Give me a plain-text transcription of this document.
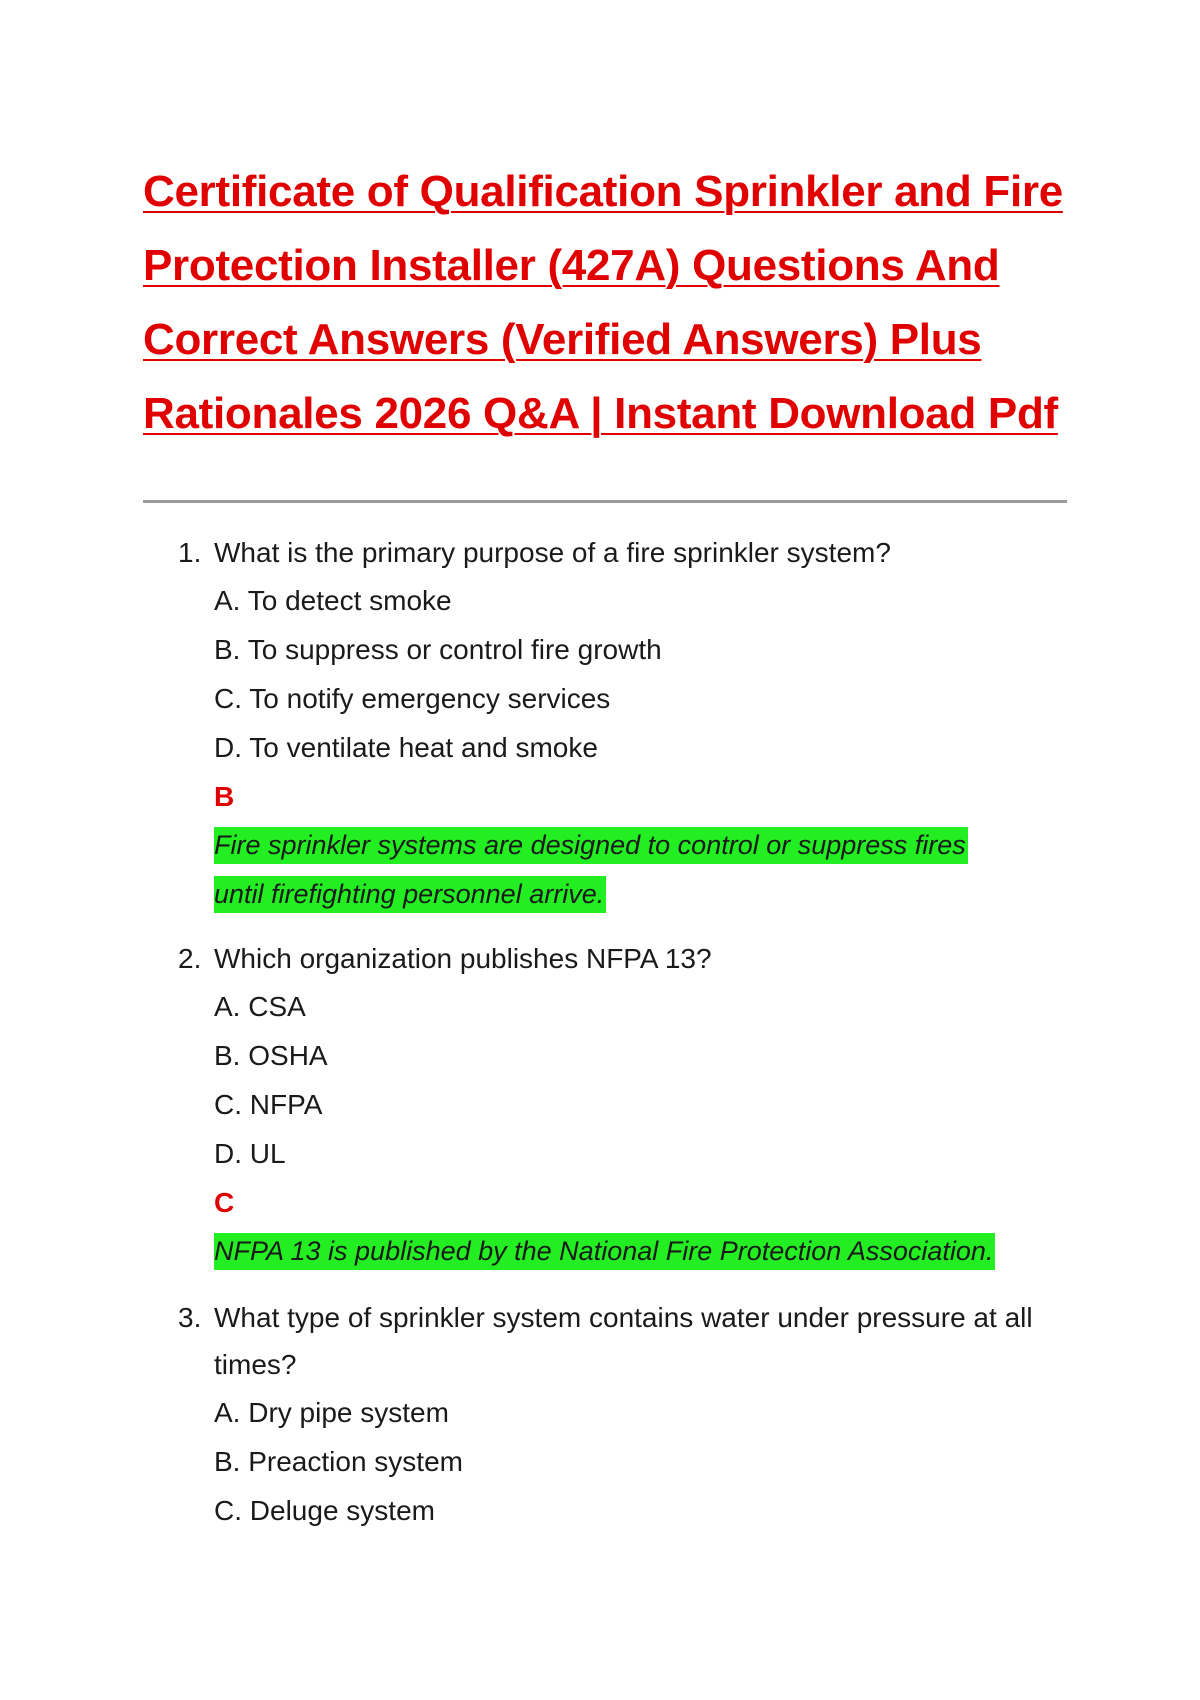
Certificate of Qualification Sprinkler and Fire
Protection Installer (427A) Questions And
Correct Answers (Verified Answers) Plus
Rationales 2026 Q&A | Instant Download Pdf
1. What is the primary purpose of a fire sprinkler system?
A. To detect smoke
B. To suppress or control fire growth
C. To notify emergency services
D. To ventilate heat and smoke
B
Fire sprinkler systems are designed to control or suppress fires until firefighting personnel arrive.
2. Which organization publishes NFPA 13?
A. CSA
B. OSHA
C. NFPA
D. UL
C
NFPA 13 is published by the National Fire Protection Association.
3. What type of sprinkler system contains water under pressure at all times?
A. Dry pipe system
B. Preaction system
C. Deluge system
